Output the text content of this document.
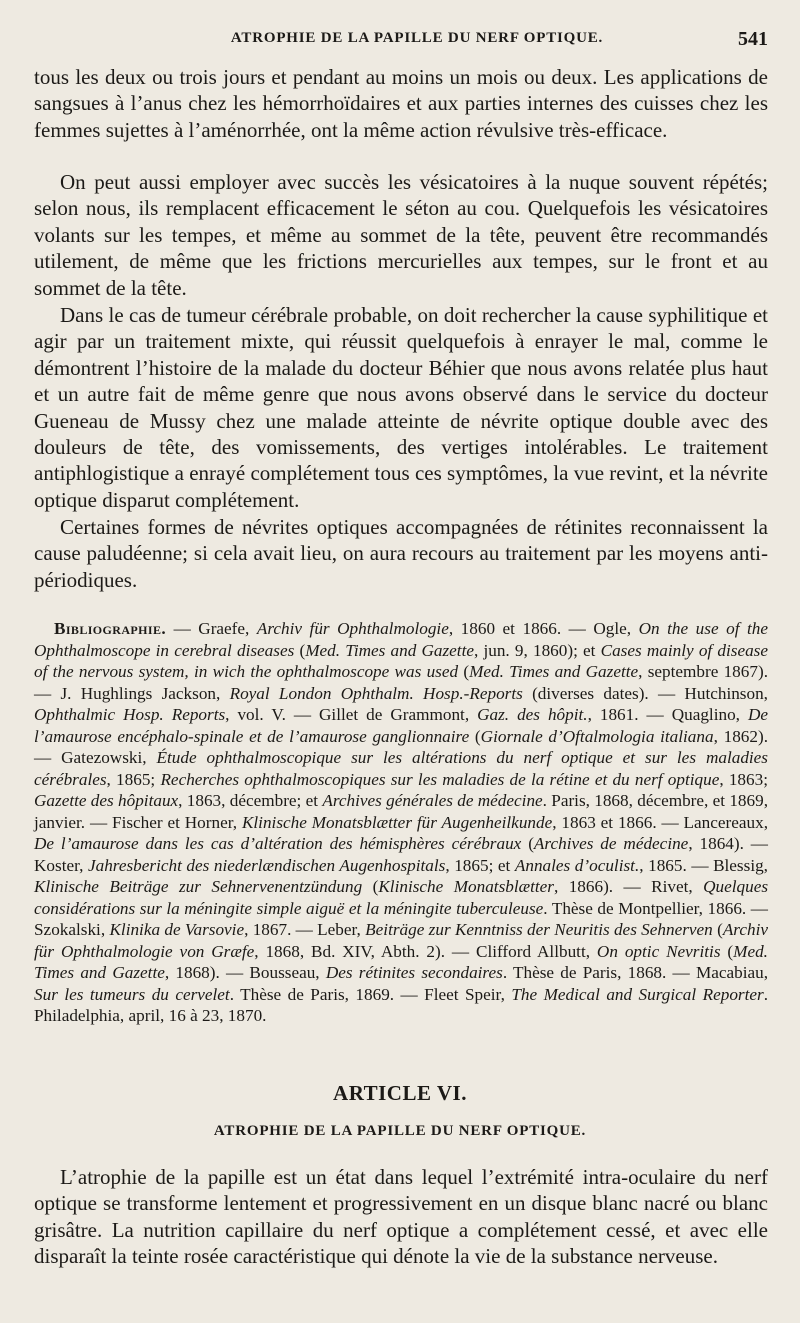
ATROPHIE DE LA PAPILLE DU NERF OPTIQUE.	541

tous les deux ou trois jours et pendant au moins un mois ou deux. Les applications de sangsues à l’anus chez les hémorrhoïdaires et aux parties internes des cuisses chez les femmes sujettes à l’aménorrhée, ont la même action révulsive très-efficace.

On peut aussi employer avec succès les vésicatoires à la nuque souvent répétés; selon nous, ils remplacent efficacement le séton au cou. Quelquefois les vésicatoires volants sur les tempes, et même au sommet de la tête, peuvent être recommandés utilement, de même que les frictions mercurielles aux tempes, sur le front et au sommet de la tête.

Dans le cas de tumeur cérébrale probable, on doit rechercher la cause syphilitique et agir par un traitement mixte, qui réussit quelquefois à enrayer le mal, comme le démontrent l’histoire de la malade du docteur Béhier que nous avons relatée plus haut et un autre fait de même genre que nous avons observé dans le service du docteur Gueneau de Mussy chez une malade atteinte de névrite optique double avec des douleurs de tête, des vomissements, des vertiges intolérables. Le traitement antiphlogistique a enrayé complétement tous ces symptômes, la vue revint, et la névrite optique disparut complétement.

Certaines formes de névrites optiques accompagnées de rétinites reconnaissent la cause paludéenne; si cela avait lieu, on aura recours au traitement par les moyens anti-périodiques.

Bibliographie. — Graefe, Archiv für Ophthalmologie, 1860 et 1866. — Ogle, On the use of the Ophthalmoscope in cerebral diseases (Med. Times and Gazette, jun. 9, 1860); et Cases mainly of disease of the nervous system, in wich the ophthalmoscope was used (Med. Times and Gazette, septembre 1867). — J. Hughlings Jackson, Royal London Ophthalm. Hosp.-Reports (diverses dates). — Hutchinson, Ophthalmic Hosp. Reports, vol. V. — Gillet de Grammont, Gaz. des hôpit., 1861. — Quaglino, De l’amaurose encéphalo-spinale et de l’amaurose ganglionnaire (Giornale d’Oftalmologia italiana, 1862). — Gatezowski, Étude ophthalmoscopique sur les altérations du nerf optique et sur les maladies cérébrales, 1865; Recherches ophthalmoscopiques sur les maladies de la rétine et du nerf optique, 1863; Gazette des hôpitaux, 1863, décembre; et Archives générales de médecine. Paris, 1868, décembre, et 1869, janvier. — Fischer et Horner, Klinische Monatsblætter für Augenheilkunde, 1863 et 1866. — Lancereaux, De l’amaurose dans les cas d’altération des hémisphères cérébraux (Archives de médecine, 1864). — Koster, Jahresbericht des niederlændischen Augenhospitals, 1865; et Annales d’oculist., 1865. — Blessig, Klinische Beiträge zur Sehnervenentzündung (Klinische Monatsblætter, 1866). — Rivet, Quelques considérations sur la méningite simple aiguë et la méningite tuberculeuse. Thèse de Montpellier, 1866. — Szokalski, Klinika de Varsovie, 1867. — Leber, Beiträge zur Kenntniss der Neuritis des Sehnerven (Archiv für Ophthalmologie von Græfe, 1868, Bd. XIV, Abth. 2). — Clifford Allbutt, On optic Nevritis (Med. Times and Gazette, 1868). — Bousseau, Des rétinites secondaires. Thèse de Paris, 1868. — Macabiau, Sur les tumeurs du cervelet. Thèse de Paris, 1869. — Fleet Speir, The Medical and Surgical Reporter. Philadelphia, april, 16 à 23, 1870.

ARTICLE VI.
ATROPHIE DE LA PAPILLE DU NERF OPTIQUE.

L’atrophie de la papille est un état dans lequel l’extrémité intra-oculaire du nerf optique se transforme lentement et progressivement en un disque blanc nacré ou blanc grisâtre. La nutrition capillaire du nerf optique a complétement cessé, et avec elle disparaît la teinte rosée caractéristique qui dénote la vie de la substance nerveuse.
